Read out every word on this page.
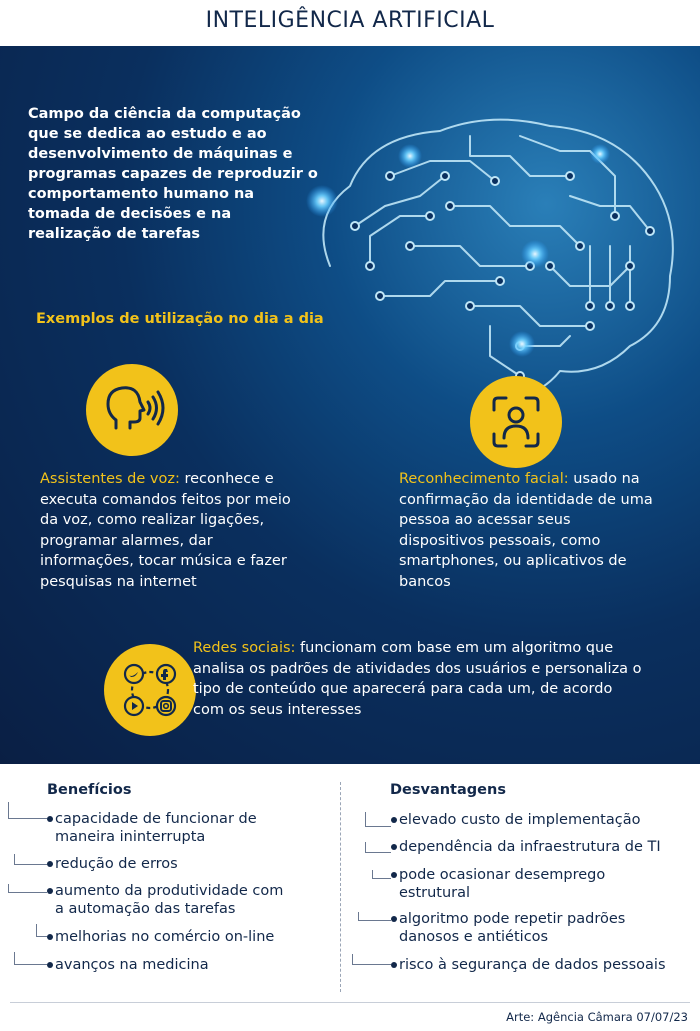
INTELIGÊNCIA ARTIFICIAL

Campo da ciência da computação que se dedica ao estudo e ao desenvolvimento de máquinas e programas capazes de reproduzir o comportamento humano na tomada de decisões e na realização de tarefas

Exemplos de utilização no dia a dia

Assistentes de voz: reconhece e executa comandos feitos por meio da voz, como realizar ligações, programar alarmes, dar informações, tocar música e fazer pesquisas na internet

Reconhecimento facial: usado na confirmação da identidade de uma pessoa ao acessar seus dispositivos pessoais, como smartphones, ou aplicativos de bancos

Redes sociais: funcionam com base em um algoritmo que analisa os padrões de atividades dos usuários e personaliza o tipo de conteúdo que aparecerá para cada um, de acordo com os seus interesses

Benefícios	Desvantagens

capacidade de funcionar de maneira ininterrupta
redução de erros
aumento da produtividade com a automação das tarefas
melhorias no comércio on-line
avanços na medicina
elevado custo de implementação
dependência da infraestrutura de TI
pode ocasionar desemprego estrutural
algoritmo pode repetir padrões danosos e antiéticos
risco à segurança de dados pessoais
Arte: Agência Câmara 07/07/23
